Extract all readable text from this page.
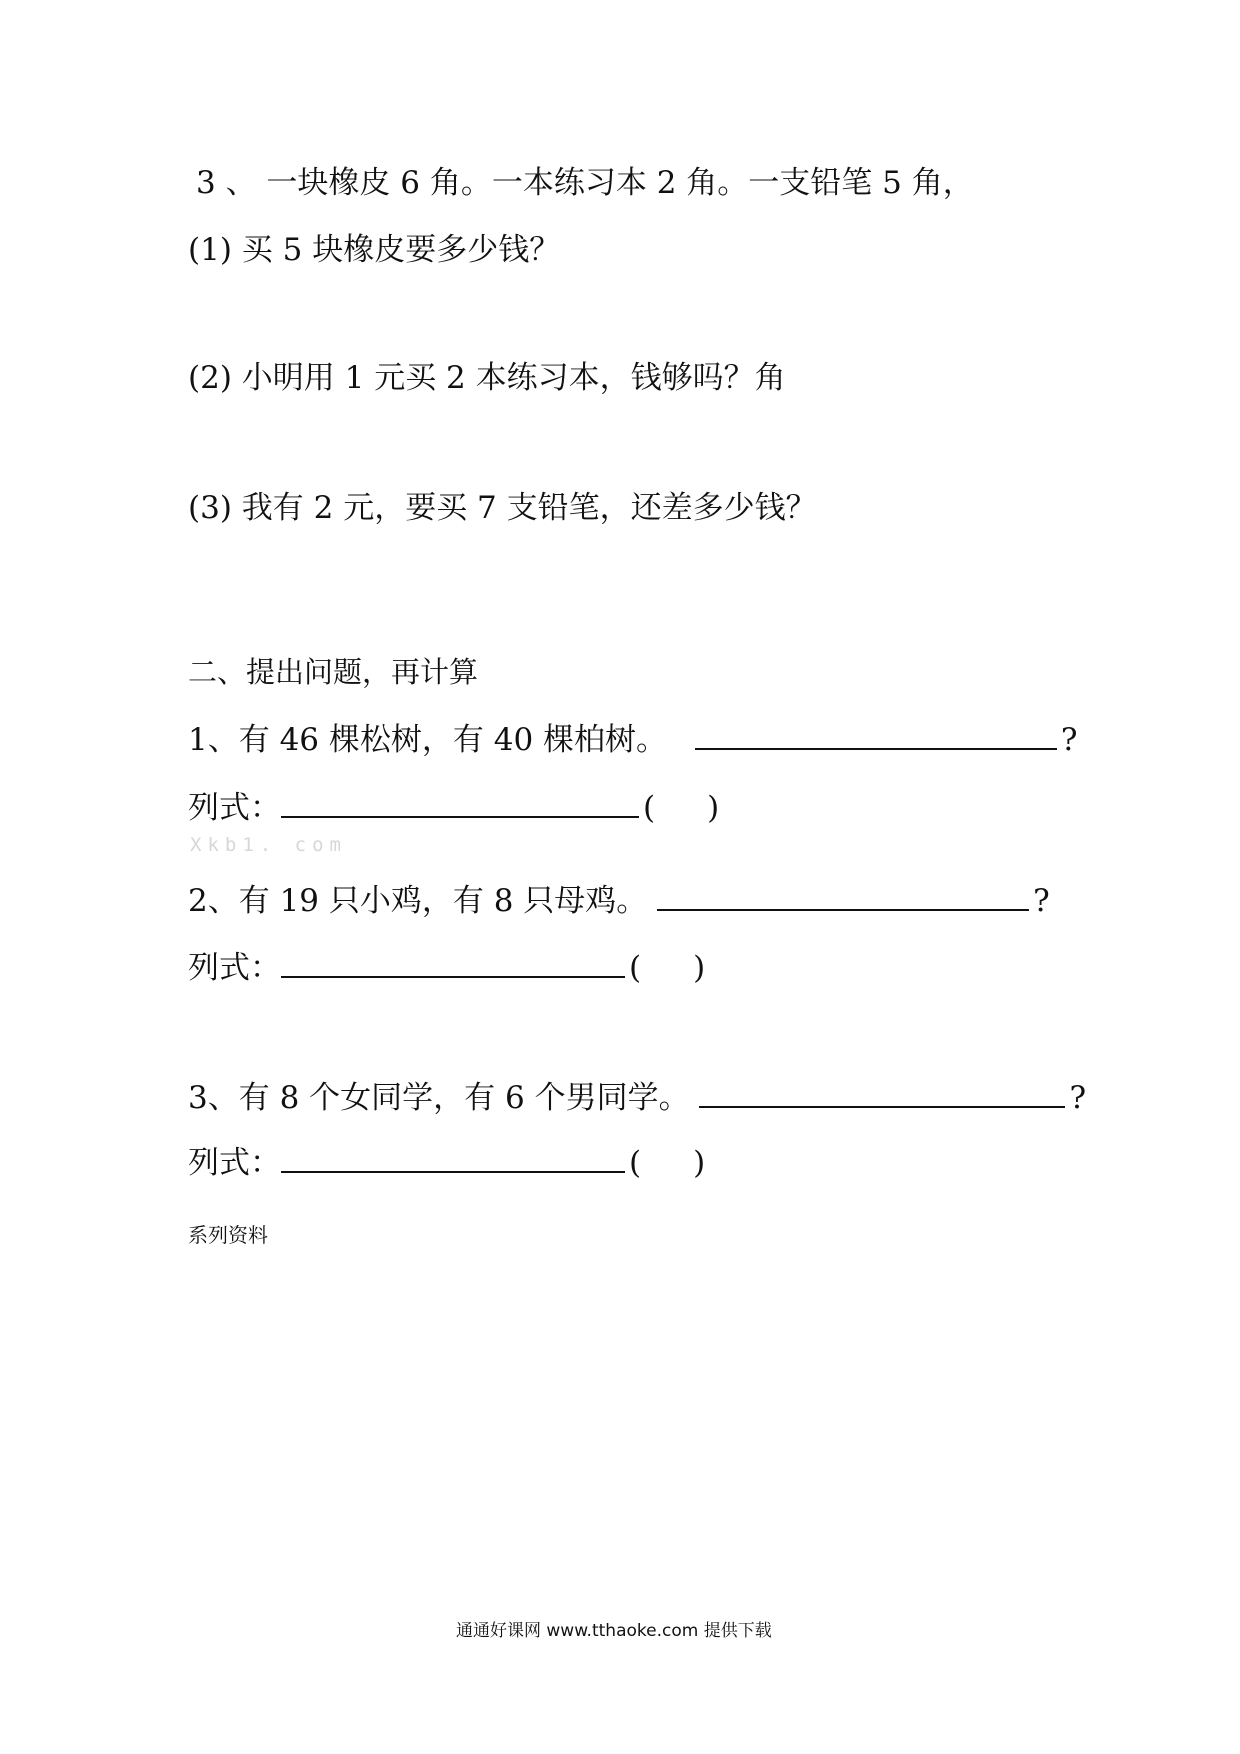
3 、 一块橡皮 6 角。一本练习本 2 角。一支铅笔 5 角，
(1) 买 5 块橡皮要多少钱？
(2) 小明用 1 元买 2 本练习本，钱够吗？角
(3) 我有 2 元，要买 7 支铅笔，还差多少钱？
二、提出问题，再计算
1、有 46 棵松树，有 40 棵柏树。	?
列式：	( )
Xkb1. com
2、有 19 只小鸡，有 8 只母鸡。	?
列式：	( )
3、有 8 个女同学，有 6 个男同学。	?
列式：	( )
系列资料
通通好课网 www.tthaoke.com 提供下载
